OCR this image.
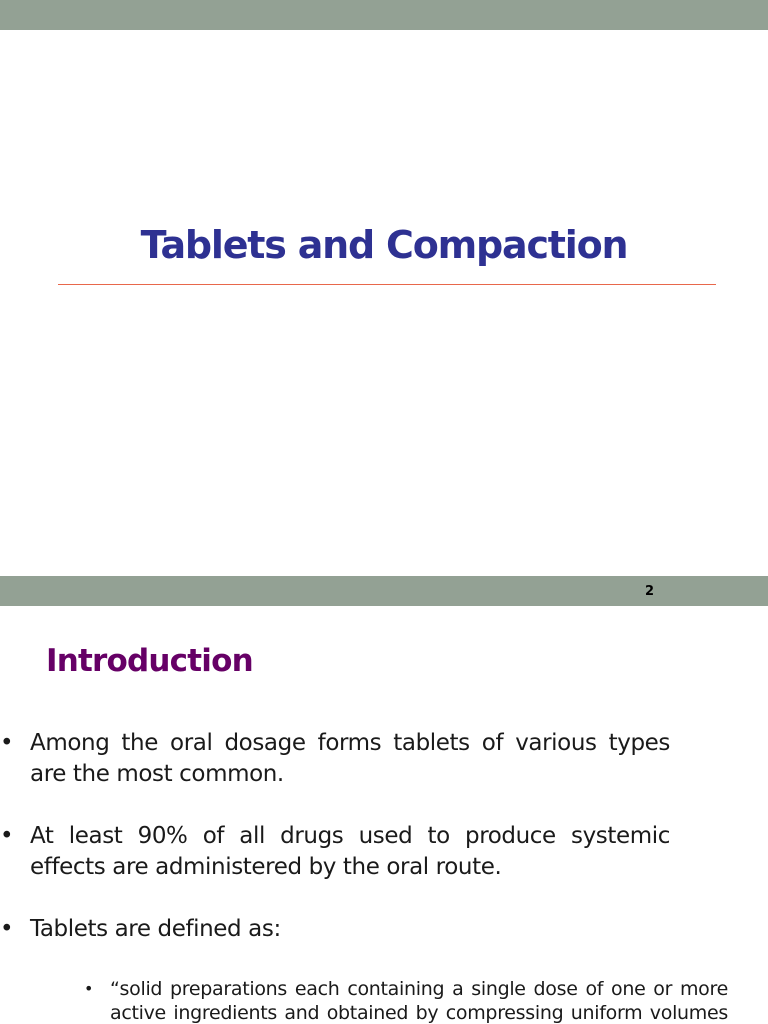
Tablets and Compaction
2
Introduction
• Among the oral dosage forms tablets of various types are the most common.
• At least 90% of all drugs used to produce systemic effects are administered by the oral route.
• Tablets are defined as:
• “solid preparations each containing a single dose of one or more active ingredients and obtained by compressing uniform volumes
